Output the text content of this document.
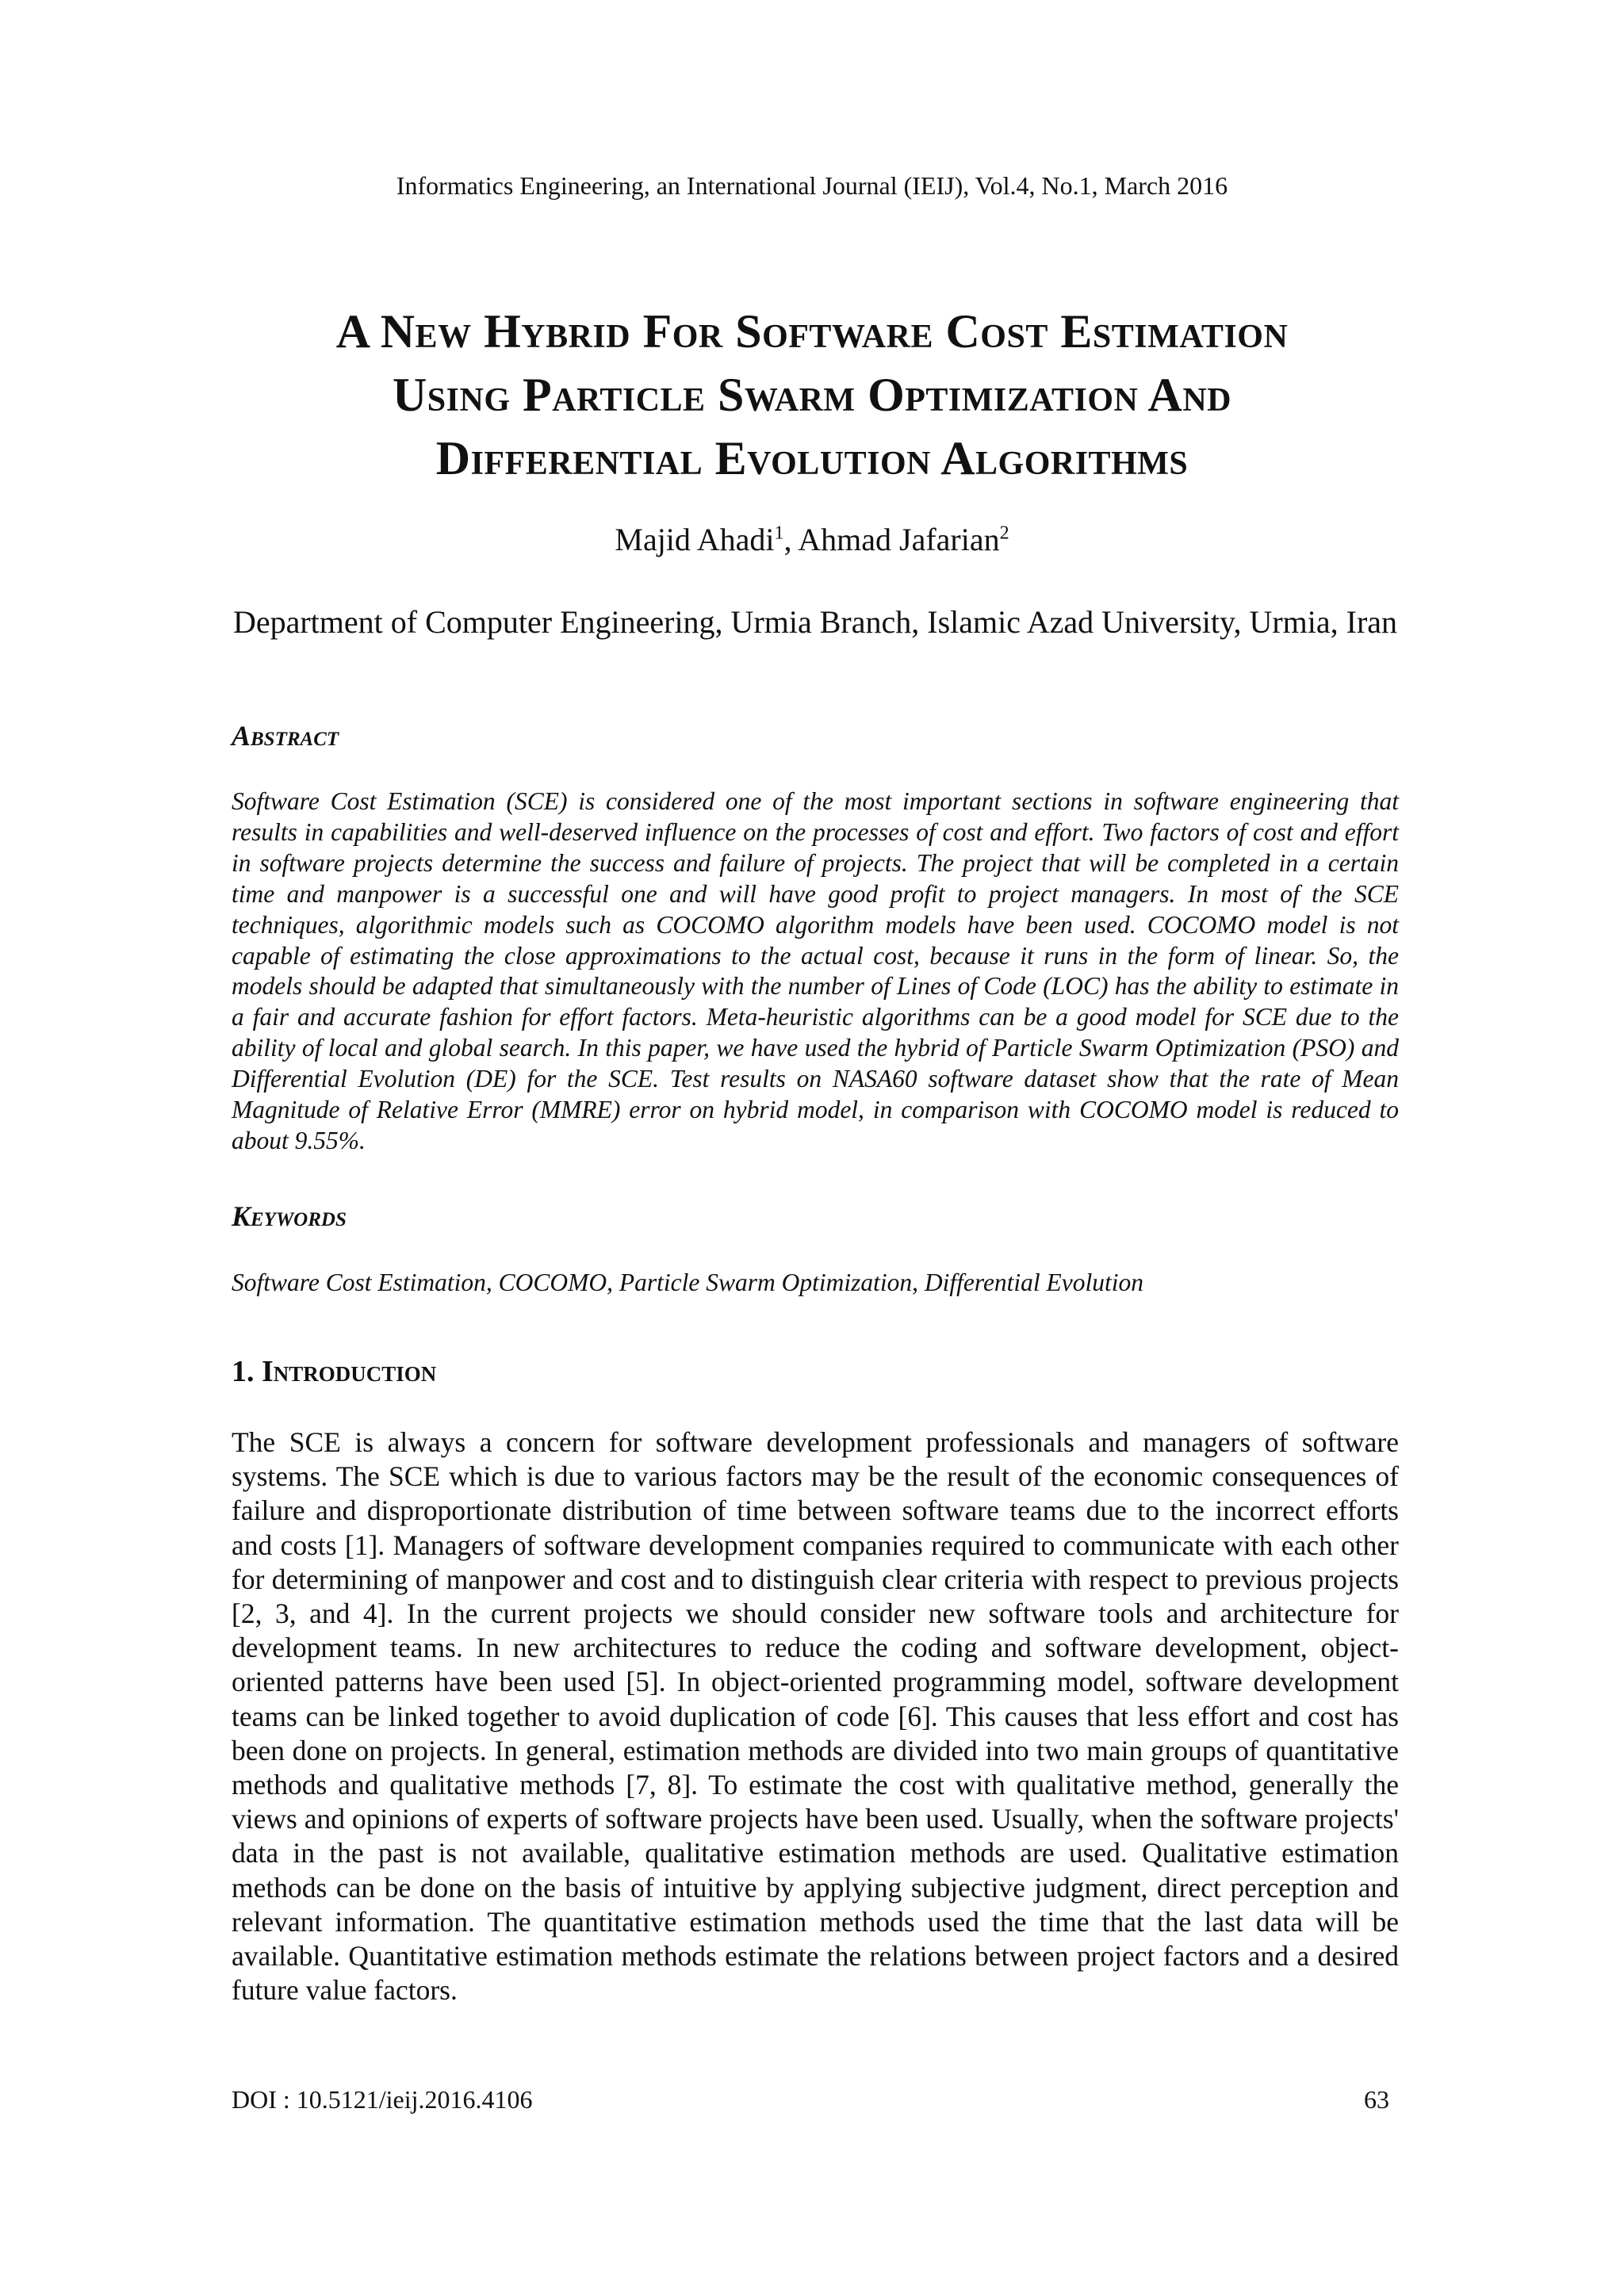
Informatics Engineering, an International Journal (IEIJ), Vol.4, No.1, March 2016
A New Hybrid For Software Cost Estimation
Using Particle Swarm Optimization And
Differential Evolution Algorithms
Majid Ahadi$^1$, Ahmad Jafarian$^2$
Department of Computer Engineering, Urmia Branch, Islamic Azad University, Urmia, Iran
Abstract
Software Cost Estimation (SCE) is considered one of the most important sections in software engineering that results in capabilities and well-deserved influence on the processes of cost and effort. Two factors of cost and effort in software projects determine the success and failure of projects. The project that will be completed in a certain time and manpower is a successful one and will have good profit to project managers. In most of the SCE techniques, algorithmic models such as COCOMO algorithm models have been used. COCOMO model is not capable of estimating the close approximations to the actual cost, because it runs in the form of linear. So, the models should be adapted that simultaneously with the number of Lines of Code (LOC) has the ability to estimate in a fair and accurate fashion for effort factors. Meta-heuristic algorithms can be a good model for SCE due to the ability of local and global search. In this paper, we have used the hybrid of Particle Swarm Optimization (PSO) and Differential Evolution (DE) for the SCE. Test results on NASA60 software dataset show that the rate of Mean Magnitude of Relative Error (MMRE) error on hybrid model, in comparison with COCOMO model is reduced to about 9.55%.
Keywords
Software Cost Estimation, COCOMO, Particle Swarm Optimization, Differential Evolution
1. Introduction
The SCE is always a concern for software development professionals and managers of software systems. The SCE which is due to various factors may be the result of the economic consequences of failure and disproportionate distribution of time between software teams due to the incorrect efforts and costs [1]. Managers of software development companies required to communicate with each other for determining of manpower and cost and to distinguish clear criteria with respect to previous projects [2, 3, and 4]. In the current projects we should consider new software tools and architecture for development teams. In new architectures to reduce the coding and software development, object-oriented patterns have been used [5]. In object-oriented programming model, software development teams can be linked together to avoid duplication of code [6]. This causes that less effort and cost has been done on projects. In general, estimation methods are divided into two main groups of quantitative methods and qualitative methods [7, 8]. To estimate the cost with qualitative method, generally the views and opinions of experts of software projects have been used. Usually, when the software projects' data in the past is not available, qualitative estimation methods are used. Qualitative estimation methods can be done on the basis of intuitive by applying subjective judgment, direct perception and relevant information. The quantitative estimation methods used the time that the last data will be available. Quantitative estimation methods estimate the relations between project factors and a desired future value factors.
DOI : 10.5121/ieij.2016.4106	63
